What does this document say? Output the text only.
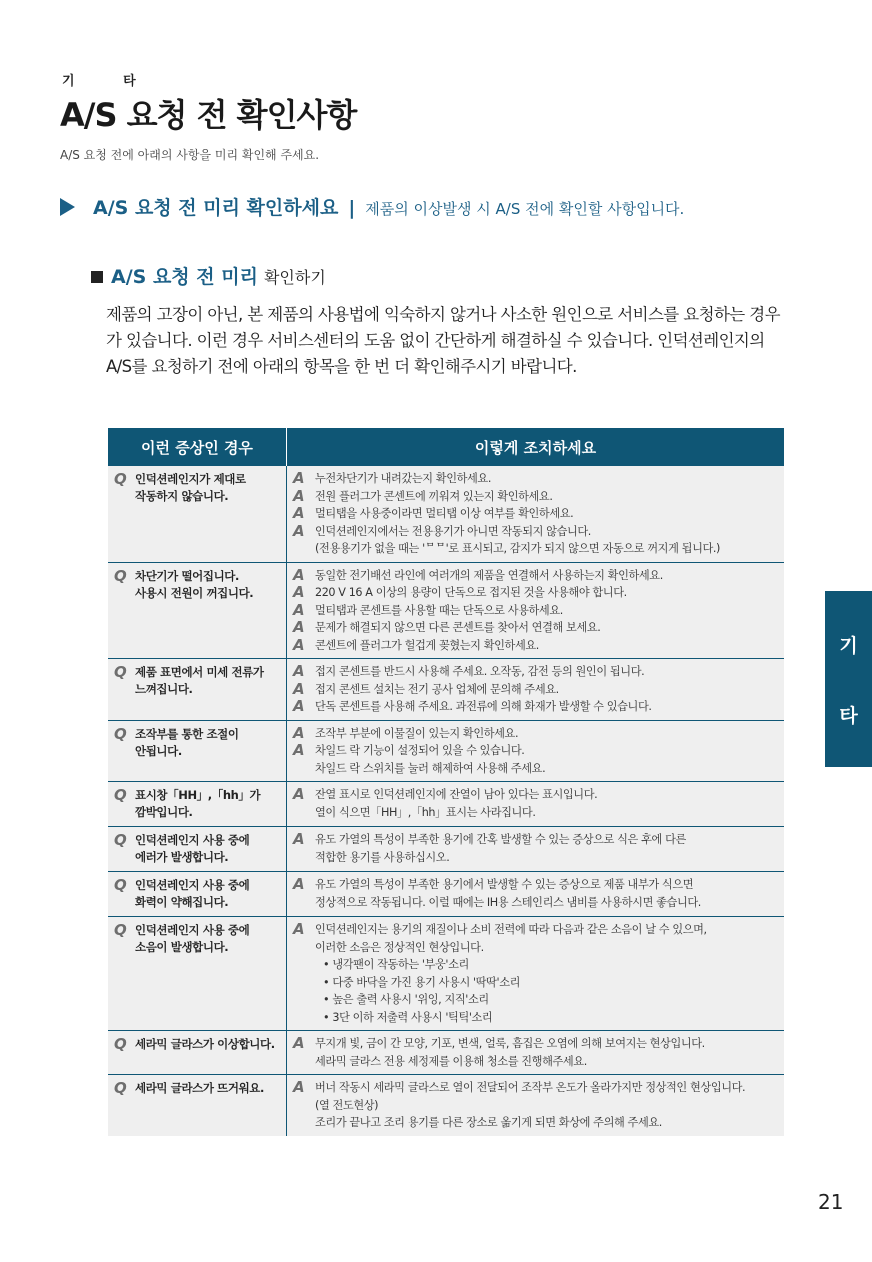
기 타
A/S 요청 전 확인사항
A/S 요청 전에 아래의 사항을 미리 확인해 주세요.
A/S 요청 전 미리 확인하세요 | 제품의 이상발생 시 A/S 전에 확인할 사항입니다.
A/S 요청 전 미리 확인하기

제품의 고장이 아닌, 본 제품의 사용법에 익숙하지 않거나 사소한 원인으로 서비스를 요청하는 경우가 있습니다. 이런 경우 서비스센터의 도움 없이 간단하게 해결하실 수 있습니다. 인덕션레인지의 A/S를 요청하기 전에 아래의 항목을 한 번 더 확인해주시기 바랍니다.

이런 증상인 경우	이렇게 조치하세요
Q 인덕션레인지가 제대로
작동하지 않습니다.
A 누전차단기가 내려갔는지 확인하세요.
A 전원 플러그가 콘센트에 끼워져 있는지 확인하세요.
A 멀티탭을 사용중이라면 멀티탭 이상 여부를 확인하세요.
A 인덕션레인지에서는 전용용기가 아니면 작동되지 않습니다.
(전용용기가 없을 때는 'ᄆᄆ'로 표시되고, 감지가 되지 않으면 자동으로 꺼지게 됩니다.)
Q 차단기가 떨어집니다.
사용시 전원이 꺼집니다.
A 동일한 전기배선 라인에 여러개의 제품을 연결해서 사용하는지 확인하세요.
A 220 V 16 A 이상의 용량이 단독으로 접지된 것을 사용해야 합니다.
A 멀티탭과 콘센트를 사용할 때는 단독으로 사용하세요.
A 문제가 해결되지 않으면 다른 콘센트를 찾아서 연결해 보세요.
A 콘센트에 플러그가 헐겁게 꽂혔는지 확인하세요.
Q 제품 표면에서 미세 전류가
느껴집니다.
A 접지 콘센트를 반드시 사용해 주세요. 오작동, 감전 등의 원인이 됩니다.
A 접지 콘센트 설치는 전기 공사 업체에 문의해 주세요.
A 단독 콘센트를 사용해 주세요. 과전류에 의해 화재가 발생할 수 있습니다.
Q 조작부를 통한 조절이
안됩니다.
A 조작부 부분에 이물질이 있는지 확인하세요.
A 차일드 락 기능이 설정되어 있을 수 있습니다.
차일드 락 스위치를 눌러 해제하여 사용해 주세요.
Q 표시창「HH」,「hh」가
깜박입니다.
A 잔열 표시로 인덕션레인지에 잔열이 남아 있다는 표시입니다.
열이 식으면「HH」,「hh」표시는 사라집니다.
Q 인덕션레인지 사용 중에
에러가 발생합니다.
A 유도 가열의 특성이 부족한 용기에 간혹 발생할 수 있는 증상으로 식은 후에 다른
적합한 용기를 사용하십시오.
Q 인덕션레인지 사용 중에
화력이 약해집니다.
A 유도 가열의 특성이 부족한 용기에서 발생할 수 있는 증상으로 제품 내부가 식으면
정상적으로 작동됩니다. 이럴 때에는 IH용 스테인리스 냄비를 사용하시면 좋습니다.
Q 인덕션레인지 사용 중에
소음이 발생합니다.
A 인덕션레인지는 용기의 재질이나 소비 전력에 따라 다음과 같은 소음이 날 수 있으며,
이러한 소음은 정상적인 현상입니다.
• 냉각팬이 작동하는 '부웅'소리
• 다중 바닥을 가진 용기 사용시 '딱딱'소리
• 높은 출력 사용시 '위잉, 지직'소리
• 3단 이하 저출력 사용시 '틱틱'소리
Q 세라믹 글라스가 이상합니다. A 무지개 빛, 금이 간 모양, 기포, 변색, 얼룩, 흠집은 오염에 의해 보여지는 현상입니다.
세라믹 글라스 전용 세정제를 이용해 청소를 진행해주세요.
Q 세라믹 글라스가 뜨거워요. A 버너 작동시 세라믹 글라스로 열이 전달되어 조작부 온도가 올라가지만 정상적인 현상입니다.
(열 전도현상)
조리가 끝나고 조리 용기를 다른 장소로 옮기게 되면 화상에 주의해 주세요.
기
타
21
